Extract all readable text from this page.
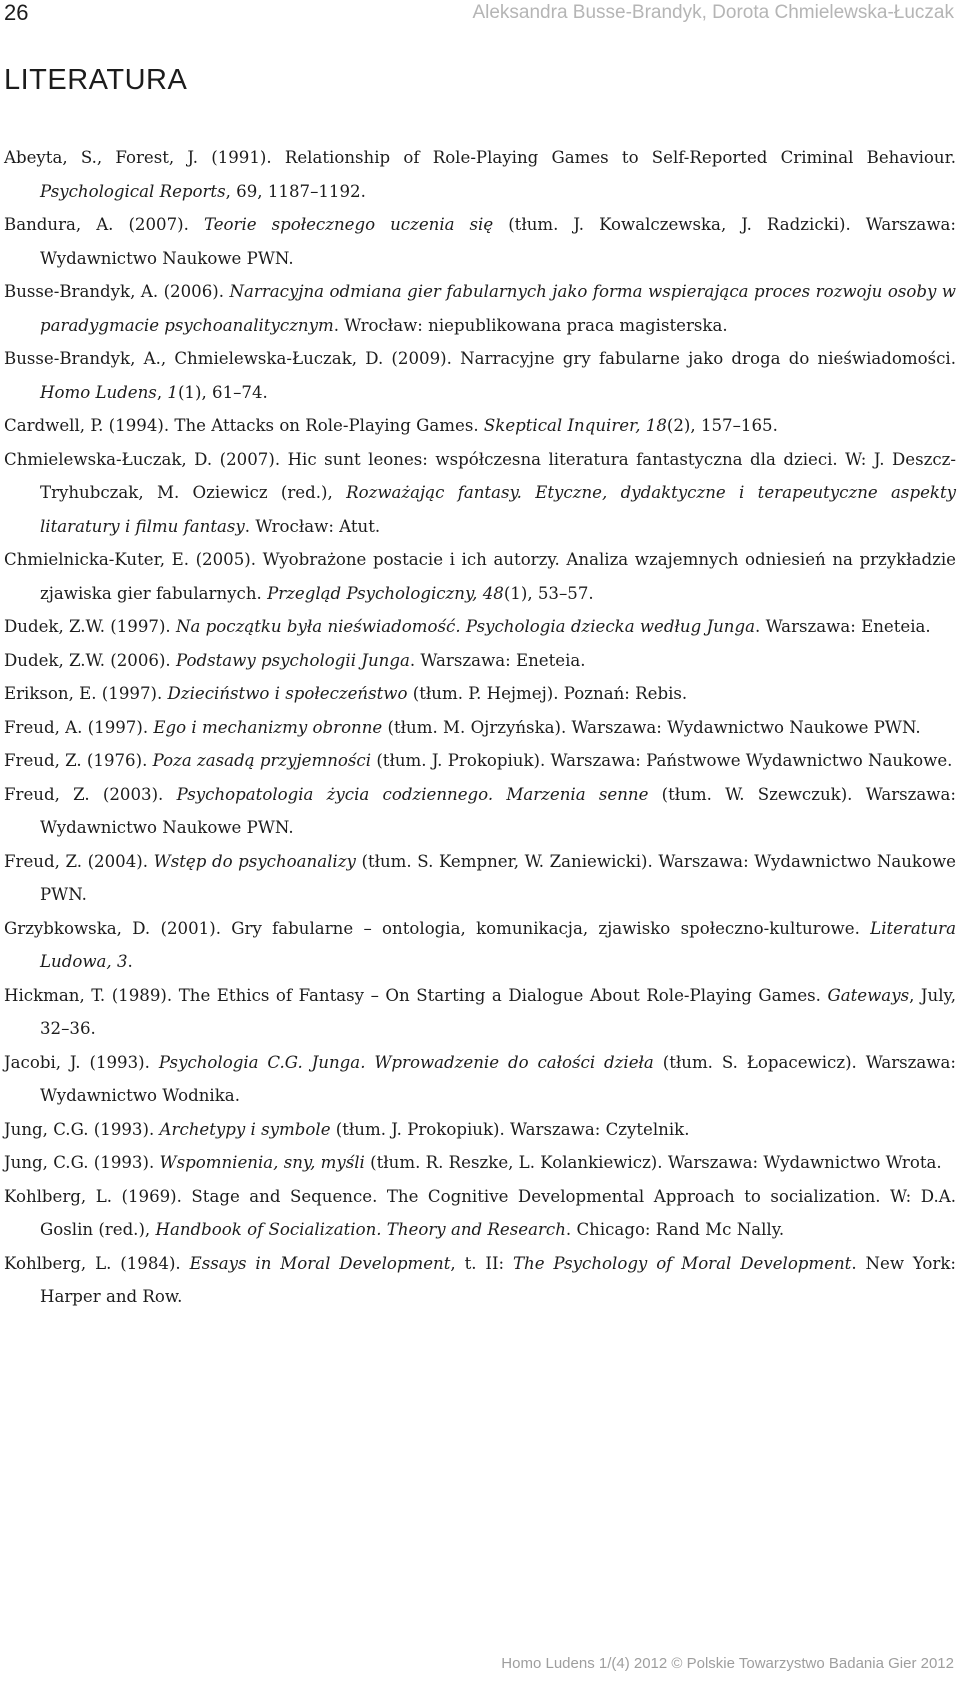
26	Aleksandra Busse-Brandyk, Dorota Chmielewska-Łuczak
LITERATURA
Abeyta, S., Forest, J. (1991). Relationship of Role-Playing Games to Self-Reported Criminal Behaviour. Psychological Reports, 69, 1187–1192.
Bandura, A. (2007). Teorie społecznego uczenia się (tłum. J. Kowalczewska, J. Radzicki). Warszawa: Wydawnictwo Naukowe PWN.
Busse-Brandyk, A. (2006). Narracyjna odmiana gier fabularnych jako forma wspierająca proces rozwoju osoby w paradygmacie psychoanalitycznym. Wrocław: niepublikowana praca magisterska.
Busse-Brandyk, A., Chmielewska-Łuczak, D. (2009). Narracyjne gry fabularne jako droga do nieświadomości. Homo Ludens, 1(1), 61–74.
Cardwell, P. (1994). The Attacks on Role-Playing Games. Skeptical Inquirer, 18(2), 157–165.
Chmielewska-Łuczak, D. (2007). Hic sunt leones: współczesna literatura fantastyczna dla dzieci. W: J. Deszcz-Tryhubczak, M. Oziewicz (red.), Rozważając fantasy. Etyczne, dydaktyczne i terapeutyczne aspekty litaratury i filmu fantasy. Wrocław: Atut.
Chmielnicka-Kuter, E. (2005). Wyobrażone postacie i ich autorzy. Analiza wzajemnych odniesień na przykładzie zjawiska gier fabularnych. Przegląd Psychologiczny, 48(1), 53–57.
Dudek, Z.W. (1997). Na początku była nieświadomość. Psychologia dziecka według Junga. Warszawa: Eneteia.
Dudek, Z.W. (2006). Podstawy psychologii Junga. Warszawa: Eneteia.
Erikson, E. (1997). Dzieciństwo i społeczeństwo (tłum. P. Hejmej). Poznań: Rebis.
Freud, A. (1997). Ego i mechanizmy obronne (tłum. M. Ojrzyńska). Warszawa: Wydawnictwo Naukowe PWN.
Freud, Z. (1976). Poza zasadą przyjemności (tłum. J. Prokopiuk). Warszawa: Państwowe Wydawnictwo Naukowe.
Freud, Z. (2003). Psychopatologia życia codziennego. Marzenia senne (tłum. W. Szewczuk). Warszawa: Wydawnictwo Naukowe PWN.
Freud, Z. (2004). Wstęp do psychoanalizy (tłum. S. Kempner, W. Zaniewicki). Warszawa: Wydawnictwo Naukowe PWN.
Grzybkowska, D. (2001). Gry fabularne – ontologia, komunikacja, zjawisko społeczno-kulturowe. Literatura Ludowa, 3.
Hickman, T. (1989). The Ethics of Fantasy – On Starting a Dialogue About Role-Playing Games. Gateways, July, 32–36.
Jacobi, J. (1993). Psychologia C.G. Junga. Wprowadzenie do całości dzieła (tłum. S. Łopacewicz). Warszawa: Wydawnictwo Wodnika.
Jung, C.G. (1993). Archetypy i symbole (tłum. J. Prokopiuk). Warszawa: Czytelnik.
Jung, C.G. (1993). Wspomnienia, sny, myśli (tłum. R. Reszke, L. Kolankiewicz). Warszawa: Wydawnictwo Wrota.
Kohlberg, L. (1969). Stage and Sequence. The Cognitive Developmental Approach to socialization. W: D.A. Goslin (red.), Handbook of Socialization. Theory and Research. Chicago: Rand Mc Nally.
Kohlberg, L. (1984). Essays in Moral Development, t. II: The Psychology of Moral Development. New York: Harper and Row.
Homo Ludens 1/(4) 2012 © Polskie Towarzystwo Badania Gier 2012
